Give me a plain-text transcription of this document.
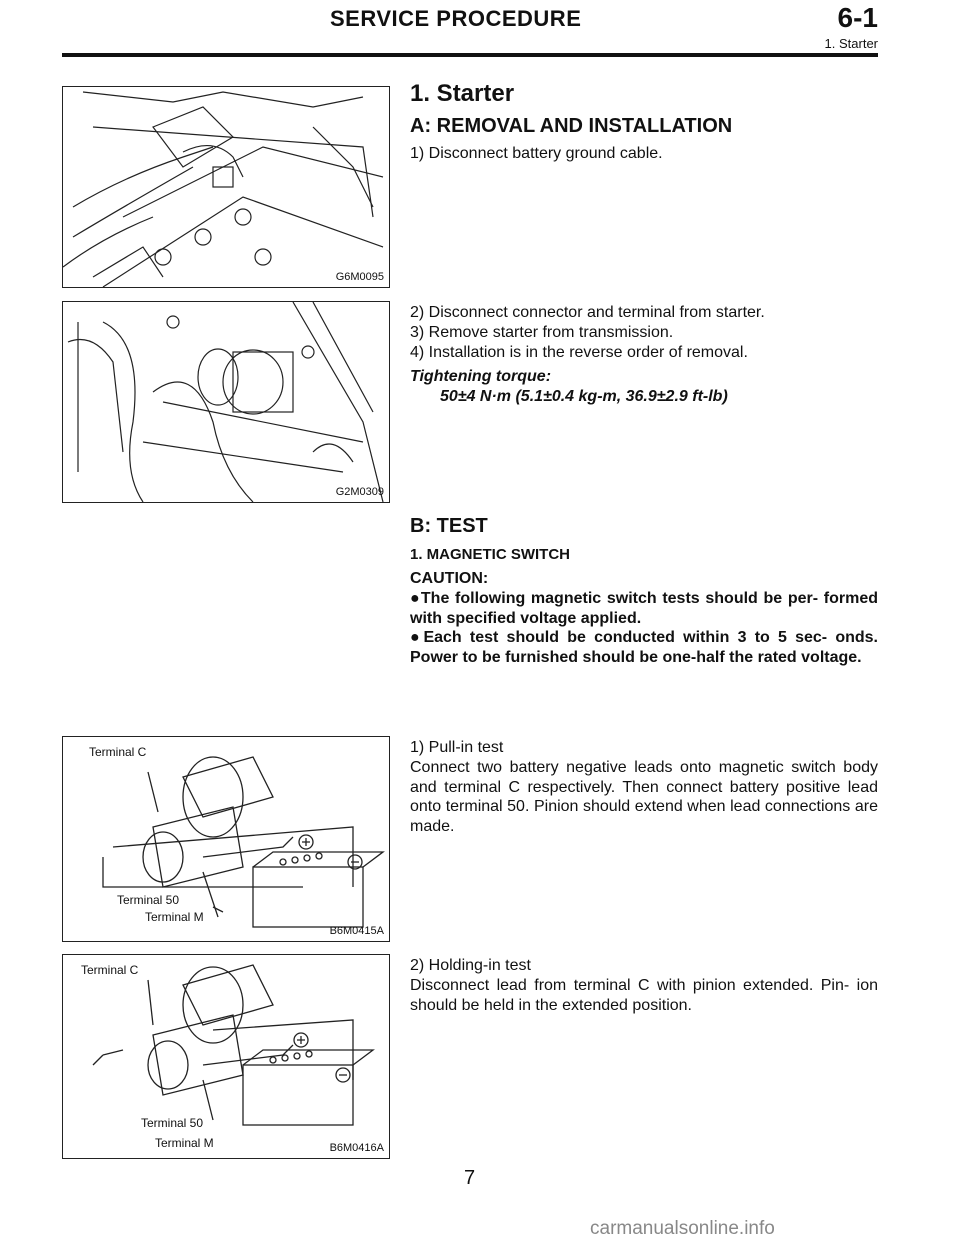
SERVICE PROCEDURE	6-1
1. Starter
G6M0095
G2M0309
Terminal C
Terminal 50
Terminal M
B6M0415A
Terminal C
Terminal 50
Terminal M	B6M0416A
1. Starter
A: REMOVAL AND INSTALLATION
1) Disconnect battery ground cable.
2) Disconnect connector and terminal from starter.
3) Remove starter from transmission.
4) Installation is in the reverse order of removal.
Tightening torque:
50±4 N·m (5.1±0.4 kg-m, 36.9±2.9 ft-lb)
B: TEST
1. MAGNETIC SWITCH
CAUTION:
●The following magnetic switch tests should be per- formed with specified voltage applied.
●Each test should be conducted within 3 to 5 sec- onds. Power to be furnished should be one-half the rated voltage.
1) Pull-in test
Connect two battery negative leads onto magnetic switch body and terminal C respectively. Then connect battery positive lead onto terminal 50. Pinion should extend when lead connections are made.
2) Holding-in test
Disconnect lead from terminal C with pinion extended. Pin- ion should be held in the extended position.
7
carmanualsonline.info
